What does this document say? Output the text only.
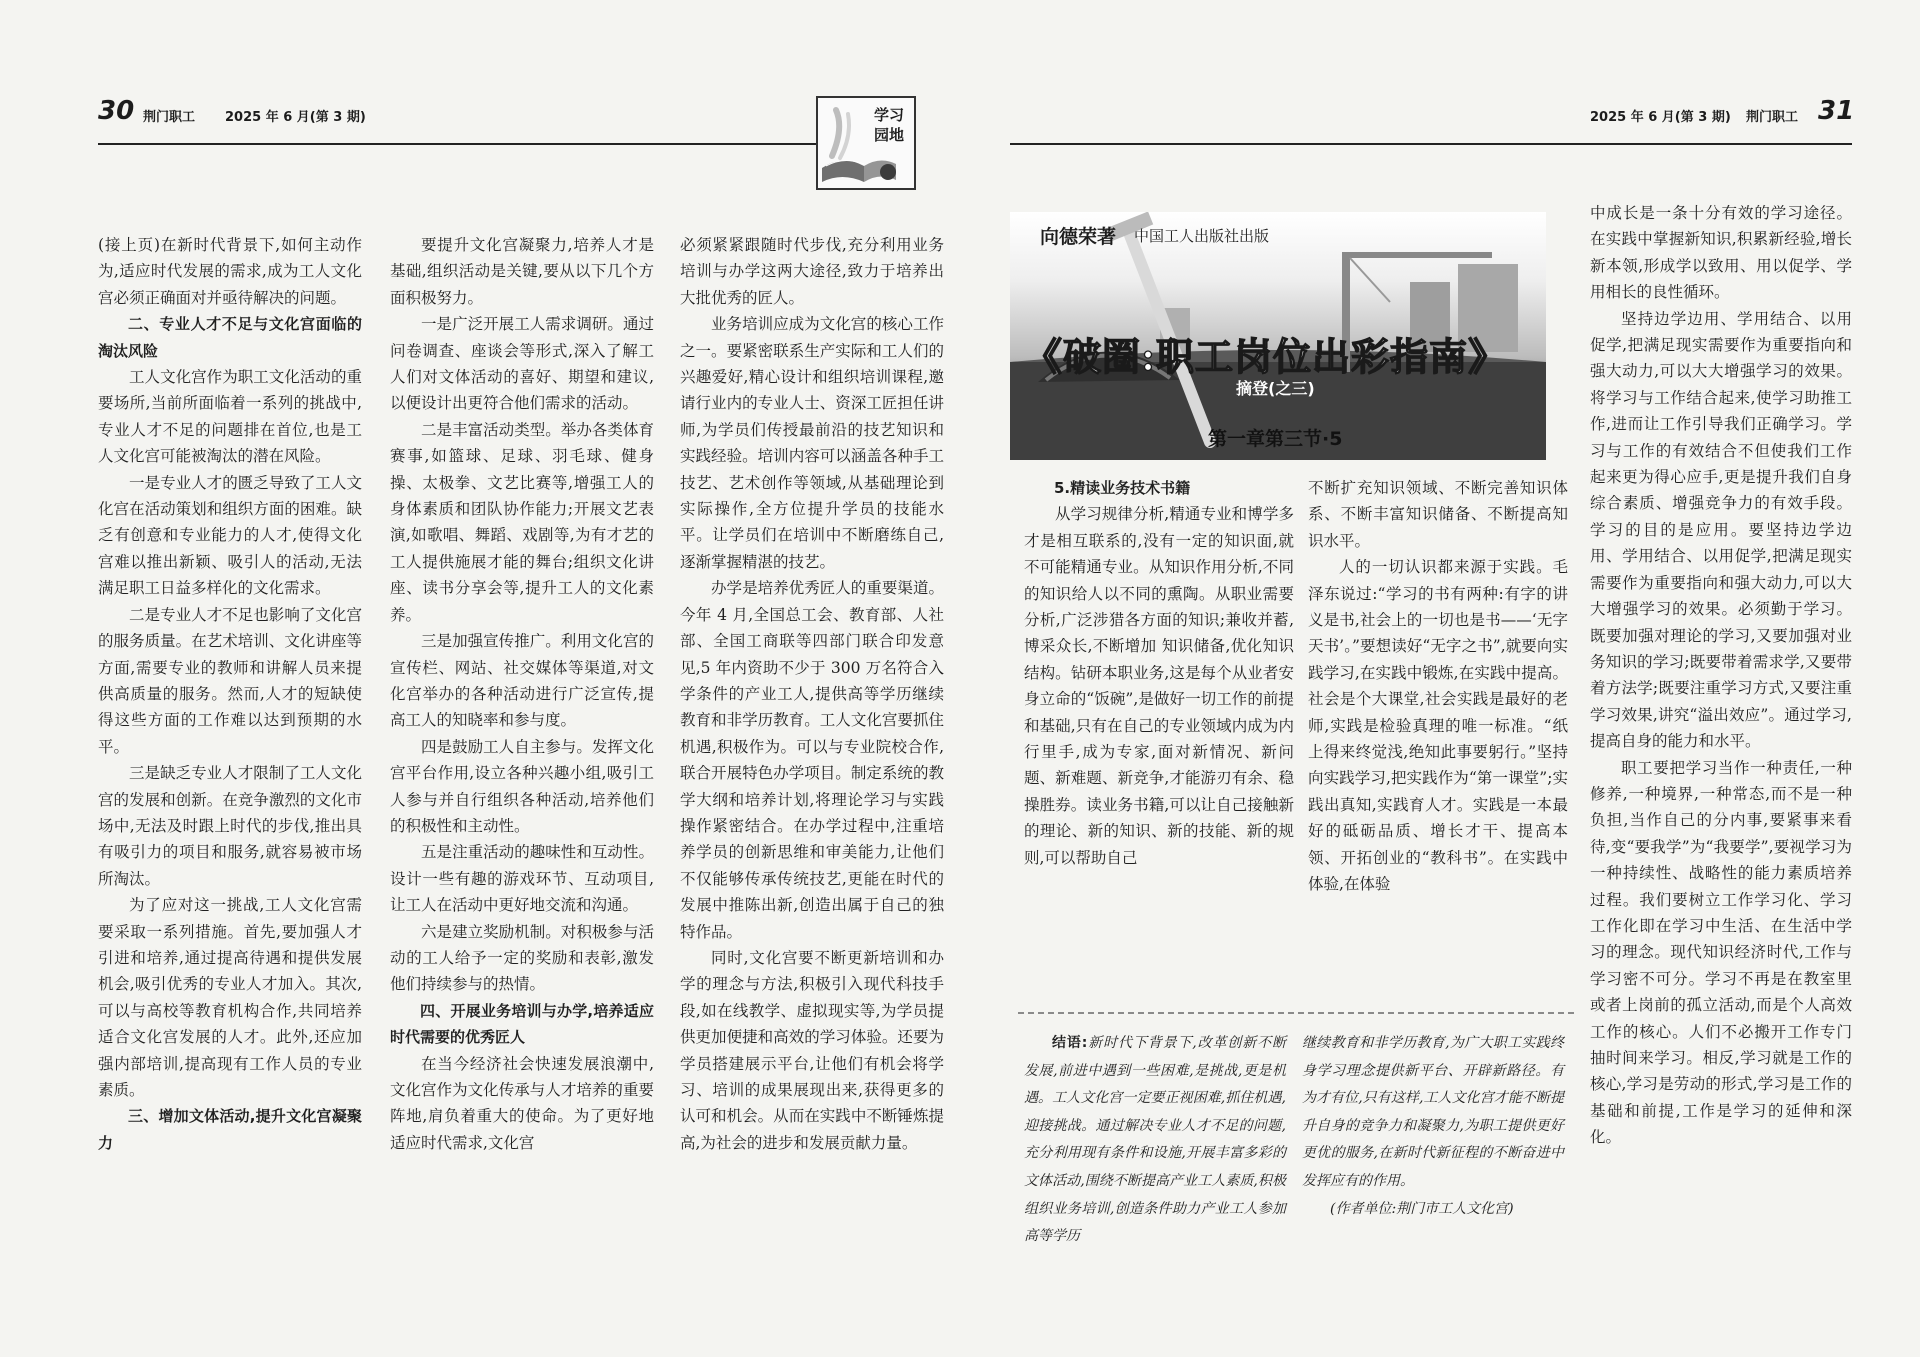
30 荆门职工 2025 年 6 月(第 3 期)	学习
园地
2025 年 6 月(第 3 期) 荆门职工 31

(接上页)在新时代背景下,如何主动作为,适应时代发展的需求,成为工人文化宫必须正确面对并亟待解决的问题。

二、专业人才不足与文化宫面临的淘汰风险

工人文化宫作为职工文化活动的重要场所,当前所面临着一系列的挑战中,专业人才不足的问题排在首位,也是工人文化宫可能被淘汰的潜在风险。

一是专业人才的匮乏导致了工人文化宫在活动策划和组织方面的困难。缺乏有创意和专业能力的人才,使得文化宫难以推出新颖、吸引人的活动,无法满足职工日益多样化的文化需求。

二是专业人才不足也影响了文化宫的服务质量。在艺术培训、文化讲座等方面,需要专业的教师和讲解人员来提供高质量的服务。然而,人才的短缺使得这些方面的工作难以达到预期的水平。

三是缺乏专业人才限制了工人文化宫的发展和创新。在竞争激烈的文化市场中,无法及时跟上时代的步伐,推出具有吸引力的项目和服务,就容易被市场所淘汰。

为了应对这一挑战,工人文化宫需要采取一系列措施。首先,要加强人才引进和培养,通过提高待遇和提供发展机会,吸引优秀的专业人才加入。其次,可以与高校等教育机构合作,共同培养适合文化宫发展的人才。此外,还应加强内部培训,提高现有工作人员的专业素质。

三、增加文体活动,提升文化宫凝聚力

要提升文化宫凝聚力,培养人才是基础,组织活动是关键,要从以下几个方面积极努力。

一是广泛开展工人需求调研。通过问卷调查、座谈会等形式,深入了解工人们对文体活动的喜好、期望和建议,以便设计出更符合他们需求的活动。

二是丰富活动类型。举办各类体育赛事,如篮球、足球、羽毛球、健身操、太极拳、文艺比赛等,增强工人的身体素质和团队协作能力;开展文艺表演,如歌唱、舞蹈、戏剧等,为有才艺的工人提供施展才能的舞台;组织文化讲座、读书分享会等,提升工人的文化素养。

三是加强宣传推广。利用文化宫的宣传栏、网站、社交媒体等渠道,对文化宫举办的各种活动进行广泛宣传,提高工人的知晓率和参与度。

四是鼓励工人自主参与。发挥文化宫平台作用,设立各种兴趣小组,吸引工人参与并自行组织各种活动,培养他们的积极性和主动性。

五是注重活动的趣味性和互动性。设计一些有趣的游戏环节、互动项目,让工人在活动中更好地交流和沟通。

六是建立奖励机制。对积极参与活动的工人给予一定的奖励和表彰,激发他们持续参与的热情。

四、开展业务培训与办学,培养适应时代需要的优秀匠人

在当今经济社会快速发展浪潮中,文化宫作为文化传承与人才培养的重要阵地,肩负着重大的使命。为了更好地适应时代需求,文化宫

必须紧紧跟随时代步伐,充分利用业务培训与办学这两大途径,致力于培养出大批优秀的匠人。

业务培训应成为文化宫的核心工作之一。要紧密联系生产实际和工人们的兴趣爱好,精心设计和组织培训课程,邀请行业内的专业人士、资深工匠担任讲师,为学员们传授最前沿的技艺知识和实践经验。培训内容可以涵盖各种手工技艺、艺术创作等领域,从基础理论到实际操作,全方位提升学员的技能水平。让学员们在培训中不断磨练自己,逐渐掌握精湛的技艺。

办学是培养优秀匠人的重要渠道。今年 4 月,全国总工会、教育部、人社部、全国工商联等四部门联合印发意见,5 年内资助不少于 300 万名符合入学条件的产业工人,提供高等学历继续教育和非学历教育。工人文化宫要抓住机遇,积极作为。可以与专业院校合作,联合开展特色办学项目。制定系统的教学大纲和培养计划,将理论学习与实践操作紧密结合。在办学过程中,注重培养学员的创新思维和审美能力,让他们不仅能够传承传统技艺,更能在时代的发展中推陈出新,创造出属于自己的独特作品。

同时,文化宫要不断更新培训和办学的理念与方法,积极引入现代科技手段,如在线教学、虚拟现实等,为学员提供更加便捷和高效的学习体验。还要为学员搭建展示平台,让他们有机会将学习、培训的成果展现出来,获得更多的认可和机会。从而在实践中不断锤炼提高,为社会的进步和发展贡献力量。

向德荣著 中国工人出版社出版
《破圈:职工岗位出彩指南》
摘登(之三)
第一章第三节·5

5.精读业务技术书籍

从学习规律分析,精通专业和博学多才是相互联系的,没有一定的知识面,就不可能精通专业。从知识作用分析,不同的知识给人以不同的熏陶。从职业需要分析,广泛涉猎各方面的知识;兼收并蓄,博采众长,不断增加 知识储备,优化知识结构。钻研本职业务,这是每个从业者安身立命的“饭碗”,是做好一切工作的前提和基础,只有在自己的专业领域内成为内行里手,成为专家,面对新情况、新问题、新难题、新竞争,才能游刃有余、稳操胜券。读业务书籍,可以让自己接触新的理论、新的知识、新的技能、新的规则,可以帮助自己

不断扩充知识领域、不断完善知识体系、不断丰富知识储备、不断提高知识水平。

人的一切认识都来源于实践。毛泽东说过:“学习的书有两种:有字的讲义是书,社会上的一切也是书——‘无字天书’。”要想读好“无字之书”,就要向实践学习,在实践中锻炼,在实践中提高。社会是个大课堂,社会实践是最好的老师,实践是检验真理的唯一标准。“纸上得来终觉浅,绝知此事要躬行。”坚持向实践学习,把实践作为“第一课堂”;实践出真知,实践育人才。实践是一本最好的砥砺品质、增长才干、提高本领、开拓创业的“教科书”。在实践中体验,在体验

中成长是一条十分有效的学习途径。在实践中掌握新知识,积累新经验,增长新本领,形成学以致用、用以促学、学用相长的良性循环。

坚持边学边用、学用结合、以用促学,把满足现实需要作为重要指向和强大动力,可以大大增强学习的效果。将学习与工作结合起来,使学习助推工作,进而让工作引导我们正确学习。学习与工作的有效结合不但使我们工作起来更为得心应手,更是提升我们自身综合素质、增强竞争力的有效手段。学习的目的是应用。要坚持边学边用、学用结合、以用促学,把满足现实需要作为重要指向和强大动力,可以大大增强学习的效果。必须勤于学习。既要加强对理论的学习,又要加强对业务知识的学习;既要带着需求学,又要带着方法学;既要注重学习方式,又要注重学习效果,讲究“溢出效应”。通过学习,提高自身的能力和水平。

职工要把学习当作一种责任,一种修养,一种境界,一种常态,而不是一种负担,当作自己的分内事,要紧事来看待,变“要我学”为“我要学”,要视学习为一种持续性、战略性的能力素质培养过程。我们要树立工作学习化、学习工作化即在学习中生活、在生活中学习的理念。现代知识经济时代,工作与学习密不可分。学习不再是在教室里或者上岗前的孤立活动,而是个人高效工作的核心。人们不必搬开工作专门抽时间来学习。相反,学习就是工作的核心,学习是劳动的形式,学习是工作的基础和前提,工作是学习的延伸和深化。

结语:新时代下背景下,改革创新不断发展,前进中遇到一些困难,是挑战,更是机遇。工人文化宫一定要正视困难,抓住机遇,迎接挑战。通过解决专业人才不足的问题,充分利用现有条件和设施,开展丰富多彩的文体活动,围绕不断提高产业工人素质,积极组织业务培训,创造条件助力产业工人参加高等学历

继续教育和非学历教育,为广大职工实践终身学习理念提供新平台、开辟新路径。有为才有位,只有这样,工人文化宫才能不断提升自身的竞争力和凝聚力,为职工提供更好更优的服务,在新时代新征程的不断奋进中发挥应有的作用。

(作者单位:荆门市工人文化宫)
